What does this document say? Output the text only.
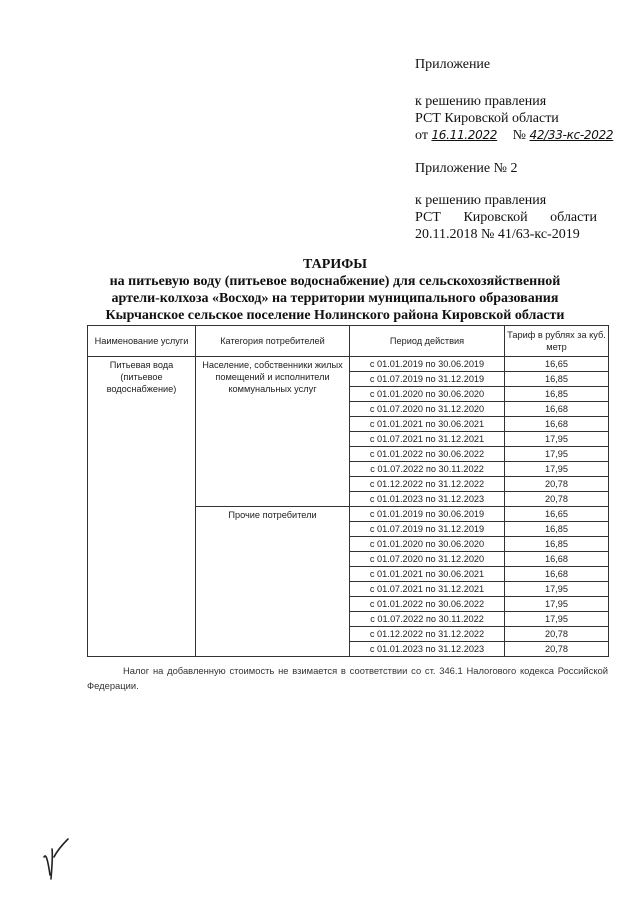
Приложение
к решению правления
РСТ Кировской области
от 16.11.2022 № 42/33-кс-2022
Приложение № 2
к решению правления
РСТ Кировской области
20.11.2018 № 41/63-кс-2019
ТАРИФЫ
на питьевую воду (питьевое водоснабжение) для сельскохозяйственной
артели-колхоза «Восход» на территории муниципального образования
Кырчанское сельское поселение Нолинского района Кировской области
Наименование услуги	Категория потребителей	Период действия	Тариф в рублях за куб. метр
Питьевая вода (питьевое водоснабжение)	Население, собственники жилых помещений и исполнители коммунальных услуг	с 01.01.2019 по 30.06.2019	16,65
		с 01.07.2019 по 31.12.2019	16,85
		с 01.01.2020 по 30.06.2020	16,85
		с 01.07.2020 по 31.12.2020	16,68
		с 01.01.2021 по 30.06.2021	16,68
		с 01.07.2021 по 31.12.2021	17,95
		с 01.01.2022 по 30.06.2022	17,95
		с 01.07.2022 по 30.11.2022	17,95
		с 01.12.2022 по 31.12.2022	20,78
		с 01.01.2023 по 31.12.2023	20,78
	Прочие потребители	с 01.01.2019 по 30.06.2019	16,65
		с 01.07.2019 по 31.12.2019	16,85
		с 01.01.2020 по 30.06.2020	16,85
		с 01.07.2020 по 31.12.2020	16,68
		с 01.01.2021 по 30.06.2021	16,68
		с 01.07.2021 по 31.12.2021	17,95
		с 01.01.2022 по 30.06.2022	17,95
		с 01.07.2022 по 30.11.2022	17,95
		с 01.12.2022 по 31.12.2022	20,78
		с 01.01.2023 по 31.12.2023	20,78
Налог на добавленную стоимость не взимается в соответствии со ст. 346.1 Налогового кодекса Российской Федерации.
